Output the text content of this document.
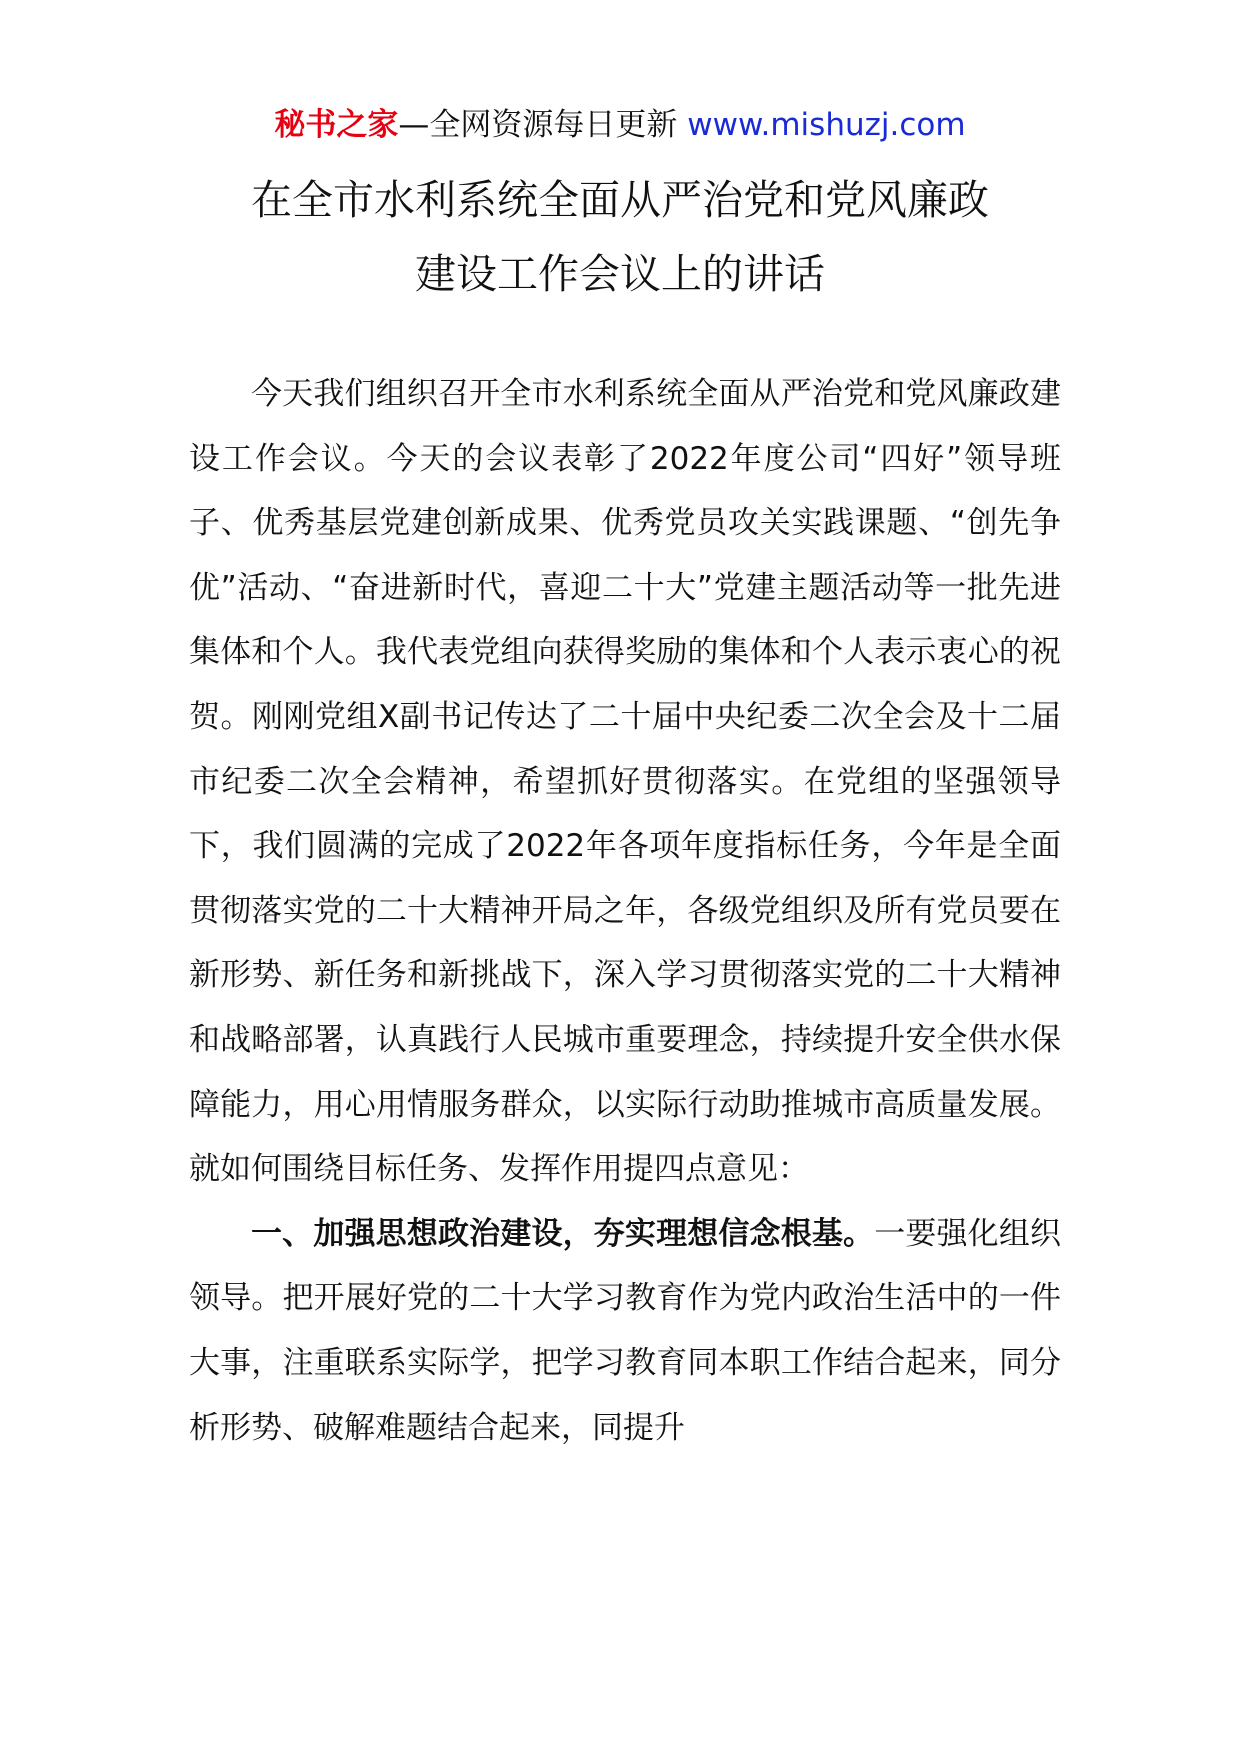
秘书之家—全网资源每日更新 www.mishuzj.com
在全市水利系统全面从严治党和党风廉政
建设工作会议上的讲话

今天我们组织召开全市水利系统全面从严治党和党风廉政建设工作会议。今天的会议表彰了2022年度公司“四好”领导班子、优秀基层党建创新成果、优秀党员攻关实践课题、“创先争优”活动、“奋进新时代，喜迎二十大”党建主题活动等一批先进集体和个人。我代表党组向获得奖励的集体和个人表示衷心的祝贺。刚刚党组X副书记传达了二十届中央纪委二次全会及十二届市纪委二次全会精神，希望抓好贯彻落实。在党组的坚强领导下，我们圆满的完成了2022年各项年度指标任务，今年是全面贯彻落实党的二十大精神开局之年，各级党组织及所有党员要在新形势、新任务和新挑战下，深入学习贯彻落实党的二十大精神和战略部署，认真践行人民城市重要理念，持续提升安全供水保障能力，用心用情服务群众，以实际行动助推城市高质量发展。就如何围绕目标任务、发挥作用提四点意见：

一、加强思想政治建设，夯实理想信念根基。一要强化组织领导。把开展好党的二十大学习教育作为党内政治生活中的一件大事，注重联系实际学，把学习教育同本职工作结合起来，同分析形势、破解难题结合起来，同提升
